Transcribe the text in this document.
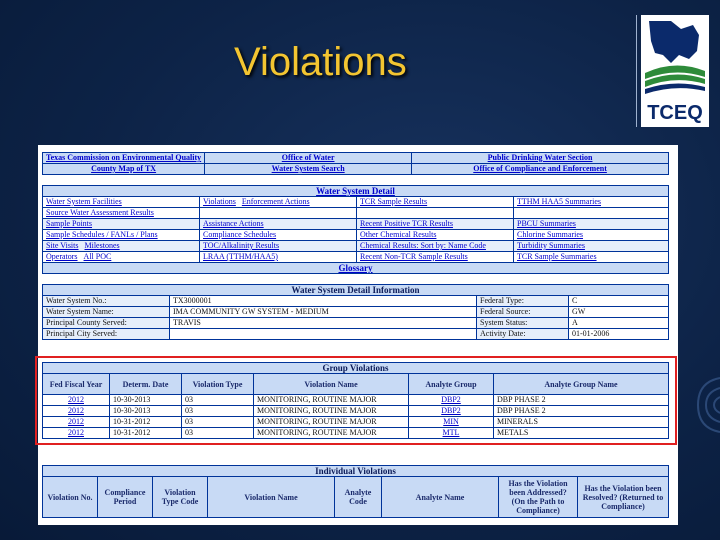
Violations
TCEQ
Texas Commission on Environmental Quality	Office of Water	Public Drinking Water Section
County Map of TX	Water System Search	Office of Compliance and Enforcement
Water System Detail			
Water System Facilities	Violations Enforcement Actions	TCR Sample Results	TTHM HAA5 Summaries
Source Water Assessment Results			
Sample Points	Assistance Actions	Recent Positive TCR Results	PBCU Summaries
Sample Schedules / FANLs / Plans	Compliance Schedules	Other Chemical Results	Chlorine Summaries
Site Visits Milestones	TOC/Alkalinity Results	Chemical Results: Sort by: Name Code	Turbidity Summaries
Operators All POC	LRAA (TTHM/HAA5)	Recent Non-TCR Sample Results	TCR Sample Summaries
Glossary			
Water System Detail Information			
Water System No.:	TX3000001	Federal Type:	C
Water System Name:	IMA COMMUNITY GW SYSTEM - MEDIUM	Federal Source:	GW
Principal County Served:	TRAVIS	System Status:	A
Principal City Served:		Activity Date:	01-01-2006
Group Violations					
Fed Fiscal Year	Determ. Date	Violation Type	Violation Name	Analyte Group	Analyte Group Name
2012	10-30-2013	03	MONITORING, ROUTINE MAJOR	DBP2	DBP PHASE 2
2012	10-30-2013	03	MONITORING, ROUTINE MAJOR	DBP2	DBP PHASE 2
2012	10-31-2012	03	MONITORING, ROUTINE MAJOR	MIN	MINERALS
2012	10-31-2012	03	MONITORING, ROUTINE MAJOR	MTL	METALS
Individual Violations
Violation No.	Compliance Period	Violation Type Code	Violation Name	Analyte Code	Analyte Name	Has the Violation been Addressed? (On the Path to Compliance)	Has the Violation been Resolved? (Returned to Compliance)
